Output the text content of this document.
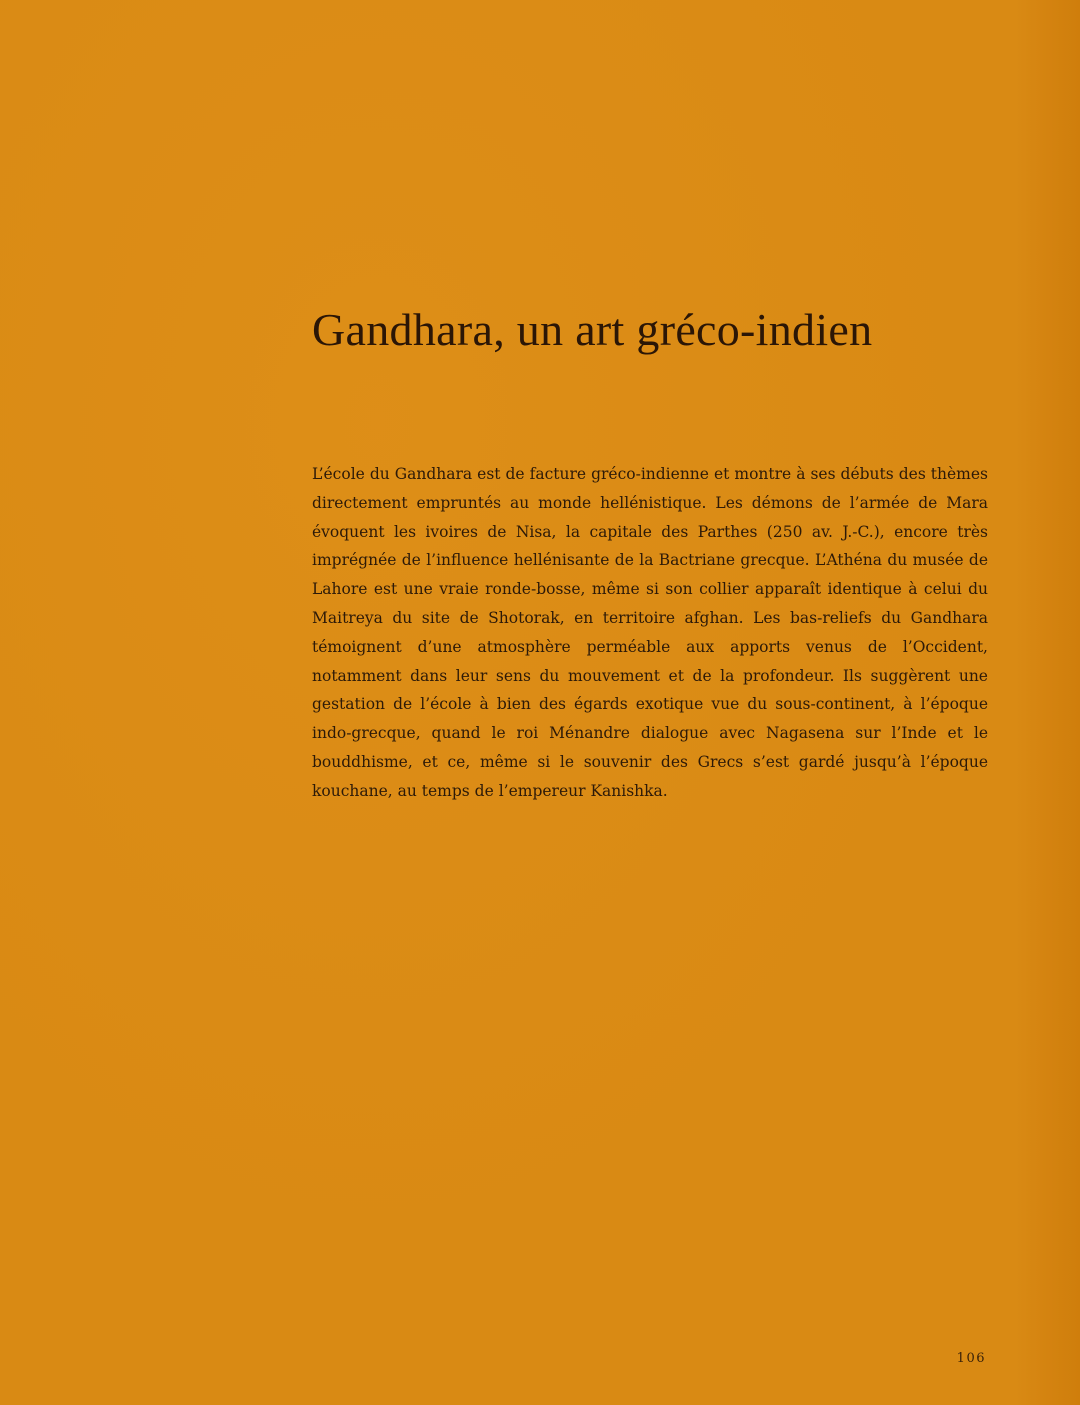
Gandhara, un art gréco-indien

L’école du Gandhara est de facture gréco-indienne et montre à ses débuts des thèmes directement empruntés au monde hellénistique. Les démons de l’armée de Mara évoquent les ivoires de Nisa, la capitale des Parthes (250 av. J.-C.), encore très imprégnée de l’influence hellénisante de la Bactriane grecque. L’Athéna du musée de Lahore est une vraie ronde-bosse, même si son collier apparaît identique à celui du Maitreya du site de Shotorak, en territoire afghan. Les bas-reliefs du Gandhara témoignent d’une atmosphère perméable aux apports venus de l’Occident, notamment dans leur sens du mouvement et de la profondeur. Ils suggèrent une gestation de l’école à bien des égards exotique vue du sous-continent, à l’époque indo-grecque, quand le roi Ménandre dialogue avec Nagasena sur l’Inde et le bouddhisme, et ce, même si le souvenir des Grecs s’est gardé jusqu’à l’époque kouchane, au temps de l’empereur Kanishka.

106
